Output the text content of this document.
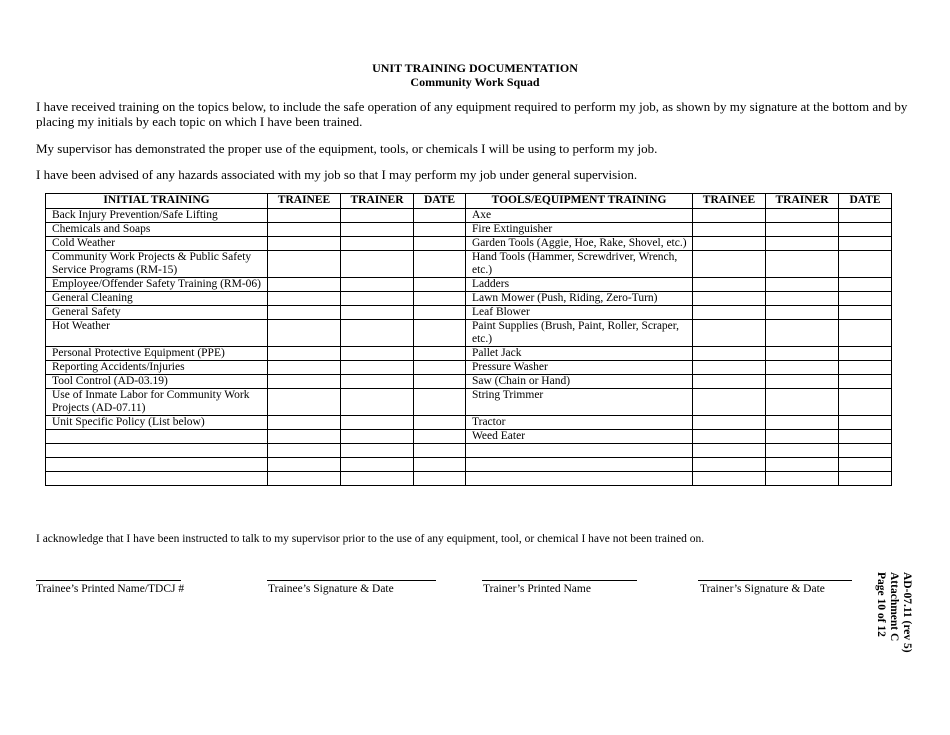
UNIT TRAINING DOCUMENTATION
Community Work Squad
I have received training on the topics below, to include the safe operation of any equipment required to perform my job, as shown by my signature at the bottom and by placing my initials by each topic on which I have been trained.
My supervisor has demonstrated the proper use of the equipment, tools, or chemicals I will be using to perform my job.
I have been advised of any hazards associated with my job so that I may perform my job under general supervision.
INITIAL TRAINING	TRAINEE	TRAINER	DATE	TOOLS/EQUIPMENT TRAINING	TRAINEE	TRAINER	DATE
Back Injury Prevention/Safe Lifting				Axe			
Chemicals and Soaps				Fire Extinguisher			
Cold Weather				Garden Tools (Aggie, Hoe, Rake, Shovel, etc.)			
Community Work Projects & Public Safety Service Programs (RM-15)				Hand Tools (Hammer, Screwdriver, Wrench, etc.)			
Employee/Offender Safety Training (RM-06)				Ladders			
General Cleaning				Lawn Mower (Push, Riding, Zero-Turn)			
General Safety				Leaf Blower			
Hot Weather				Paint Supplies (Brush, Paint, Roller, Scraper, etc.)			
Personal Protective Equipment (PPE)				Pallet Jack			
Reporting Accidents/Injuries				Pressure Washer			
Tool Control (AD-03.19)				Saw (Chain or Hand)			
Use of Inmate Labor for Community Work Projects (AD-07.11)				String Trimmer			
Unit Specific Policy (List below)				Tractor			
				Weed Eater			

I acknowledge that I have been instructed to talk to my supervisor prior to the use of any equipment, tool, or chemical I have not been trained on.
Trainee’s Printed Name/TDCJ #	Trainee’s Signature & Date	Trainer’s Printed Name	Trainer’s Signature & Date	AD-07.11 (rev 5)
Attachment C
Page 10 of 12
